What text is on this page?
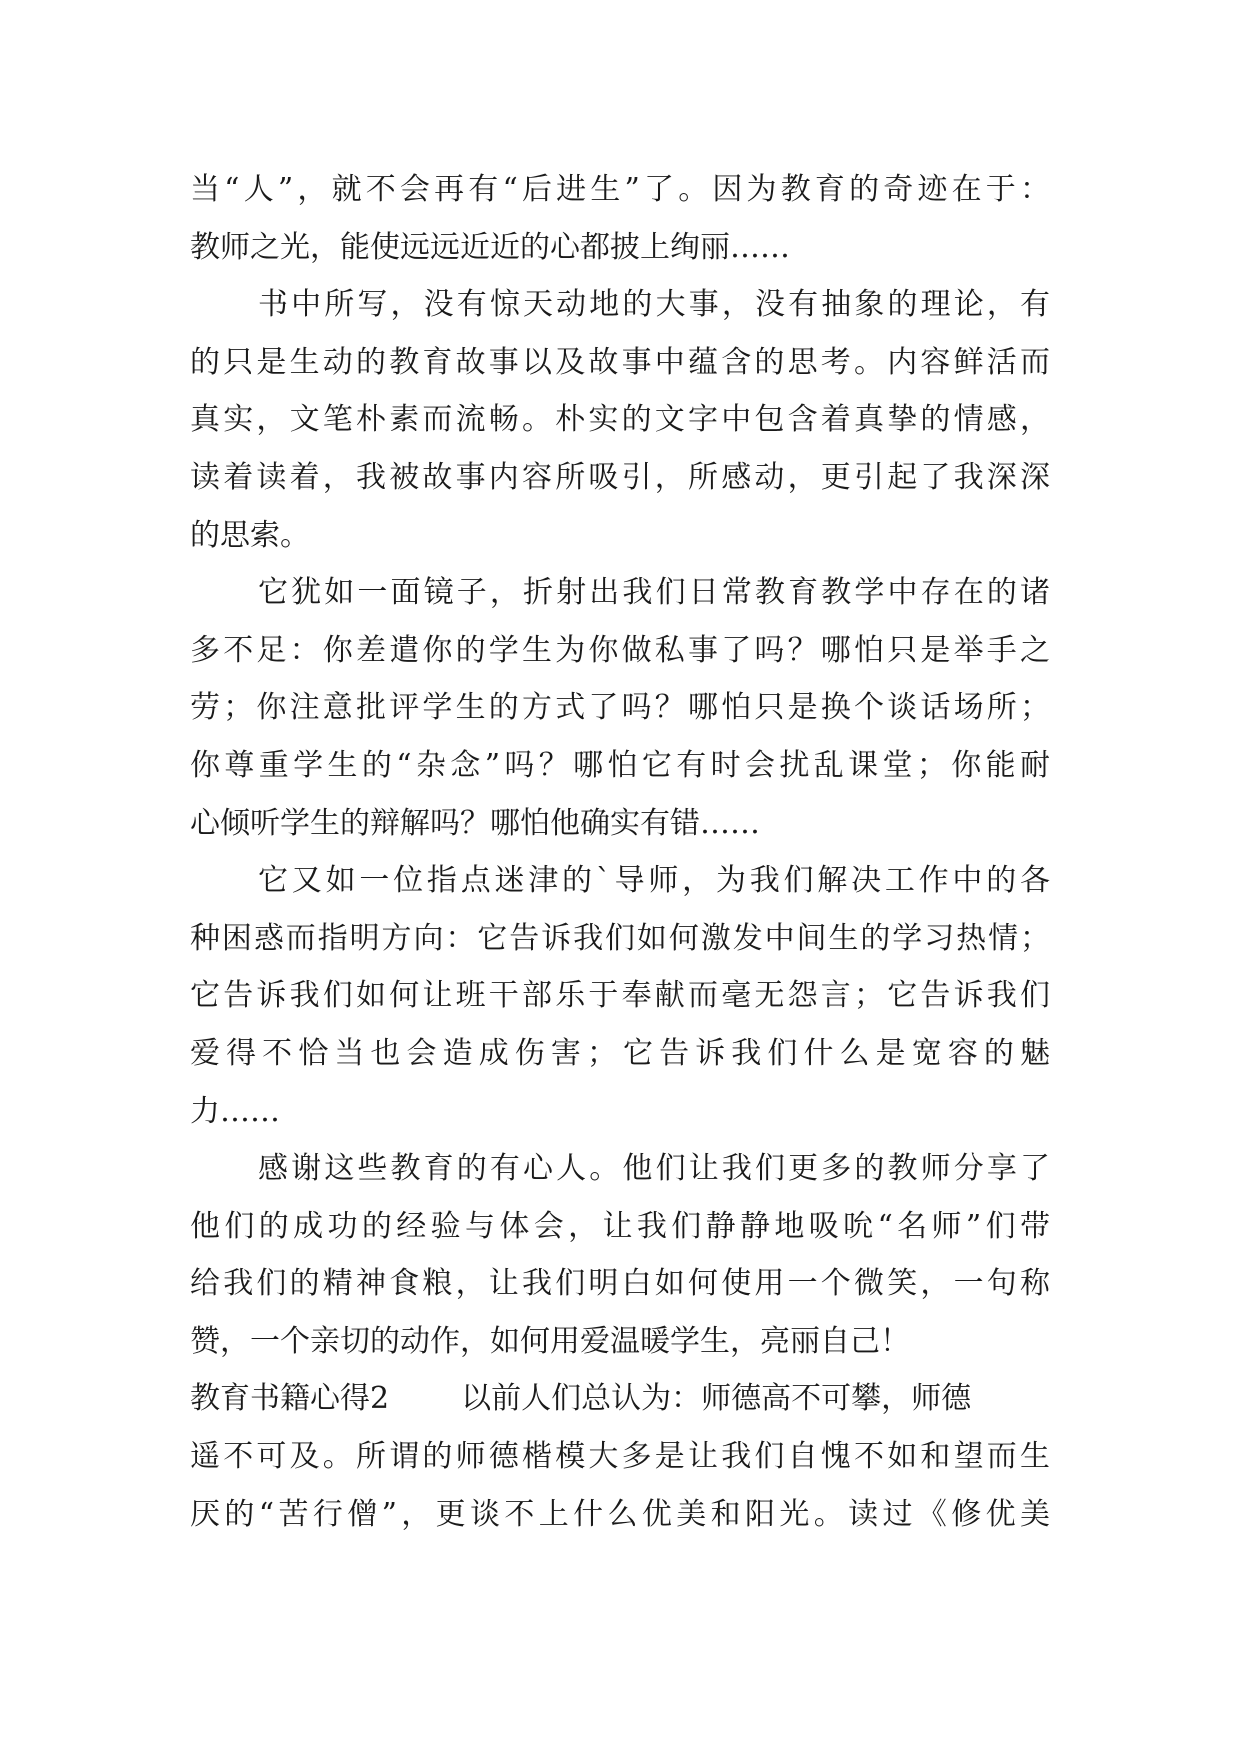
当“人”，就不会再有“后进生”了。因为教育的奇迹在于：
教师之光，能使远远近近的心都披上绚丽……
书中所写，没有惊天动地的大事，没有抽象的理论，有
的只是生动的教育故事以及故事中蕴含的思考。内容鲜活而
真实，文笔朴素而流畅。朴实的文字中包含着真挚的情感，
读着读着，我被故事内容所吸引，所感动，更引起了我深深
的思索。
它犹如一面镜子，折射出我们日常教育教学中存在的诸
多不足：你差遣你的学生为你做私事了吗？哪怕只是举手之
劳；你注意批评学生的方式了吗？哪怕只是换个谈话场所；
你尊重学生的“杂念”吗？哪怕它有时会扰乱课堂；你能耐
心倾听学生的辩解吗？哪怕他确实有错……
它又如一位指点迷津的`导师，为我们解决工作中的各
种困惑而指明方向：它告诉我们如何激发中间生的学习热情；
它告诉我们如何让班干部乐于奉献而毫无怨言；它告诉我们
爱得不恰当也会造成伤害；它告诉我们什么是宽容的魅
力……
感谢这些教育的有心人。他们让我们更多的教师分享了
他们的成功的经验与体会，让我们静静地吸吮“名师”们带
给我们的精神食粮，让我们明白如何使用一个微笑，一句称
赞，一个亲切的动作，如何用爱温暖学生，亮丽自己！
教育书籍心得2 以前人们总认为：师德高不可攀，师德
遥不可及。所谓的师德楷模大多是让我们自愧不如和望而生
厌的“苦行僧”，更谈不上什么优美和阳光。读过《修优美
